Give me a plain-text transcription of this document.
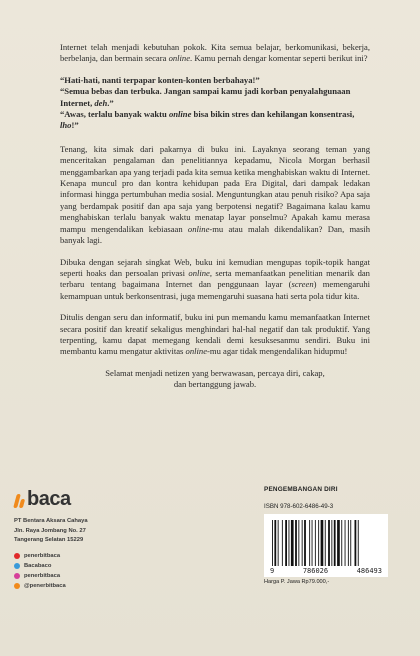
Internet telah menjadi kebutuhan pokok. Kita semua belajar, berkomunikasi, bekerja, berbelanja, dan bermain secara online. Kamu pernah dengar komentar seperti berikut ini?

“Hati-hati, nanti terpapar konten-konten berbahaya!”

“Semua bebas dan terbuka. Jangan sampai kamu jadi korban penyalahgunaan Internet, deh.”

“Awas, terlalu banyak waktu online bisa bikin stres dan kehilangan konsentrasi, lho!”

Tenang, kita simak dari pakarnya di buku ini. Layaknya seorang teman yang menceritakan pengalaman dan penelitiannya kepadamu, Nicola Morgan berhasil menggambarkan apa yang terjadi pada kita semua ketika menghabiskan waktu di Internet. Kenapa muncul pro dan kontra kehidupan pada Era Digital, dari dampak ledakan informasi hingga pertumbuhan media sosial. Menguntungkan atau penuh risiko? Apa saja yang berdampak positif dan apa saja yang berpotensi negatif? Bagaimana kalau kamu menghabiskan terlalu banyak waktu menatap layar ponselmu? Apakah kamu merasa mampu mengendalikan kebiasaan online-mu atau malah dikendalikan? Dan, masih banyak lagi.

Dibuka dengan sejarah singkat Web, buku ini kemudian mengupas topik-topik hangat seperti hoaks dan persoalan privasi online, serta memanfaatkan penelitian menarik dan terbaru tentang bagaimana Internet dan penggunaan layar (screen) memengaruhi kemampuan untuk berkonsentrasi, juga memengaruhi suasana hati serta pola tidur kita.

Ditulis dengan seru dan informatif, buku ini pun memandu kamu memanfaatkan Internet secara positif dan kreatif sekaligus menghindari hal-hal negatif dan tak produktif. Yang terpenting, kamu dapat memegang kendali demi kesuksesanmu sendiri. Buku ini membantu kamu mengatur aktivitas online-mu agar tidak mengendalikan hidupmu!

Selamat menjadi netizen yang berwawasan, percaya diri, cakap,
dan bertanggung jawab.

baca
PT Bentara Aksara Cahaya
Jln. Raya Jombang No. 27
Tangerang Selatan 15229
penerbitbaca
Bacabaco
penerbitbaca
@penerbitbaca
PENGEMBANGAN DIRI
ISBN 978-602-6486-49-3
9	786026	486493
Harga P. Jawa Rp79.000,-
